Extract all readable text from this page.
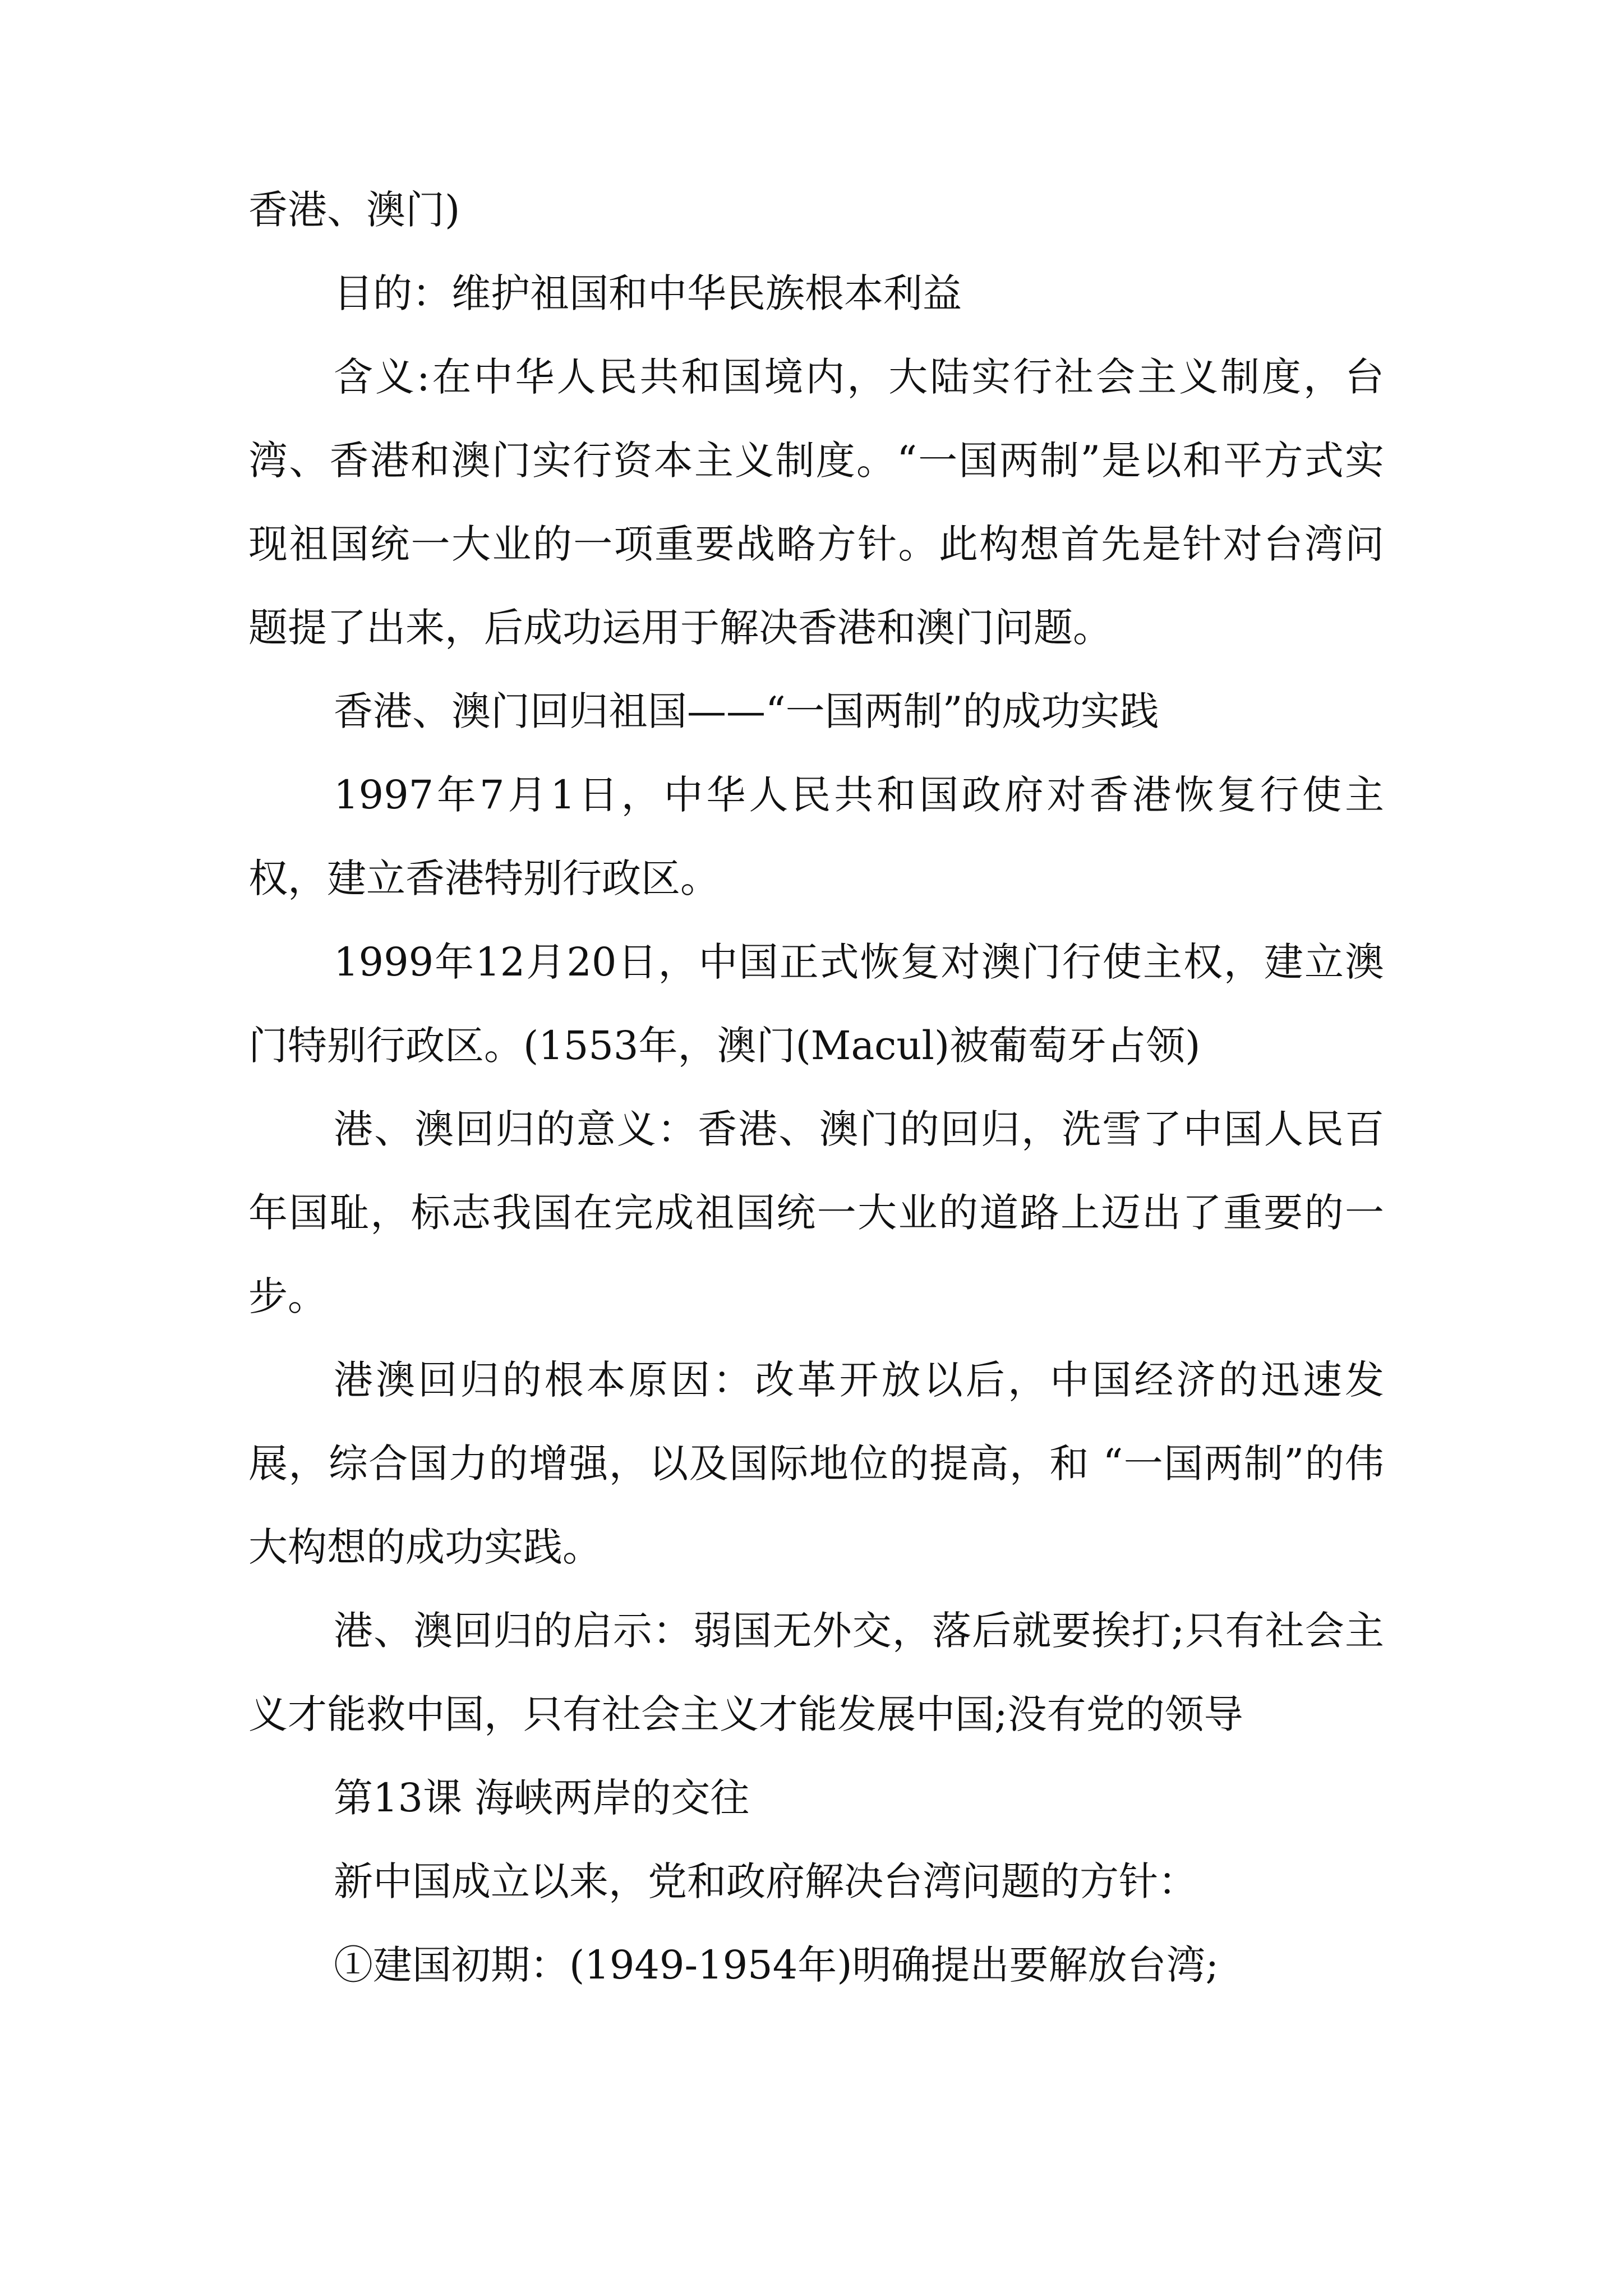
香港、澳门)

目的：维护祖国和中华民族根本利益

含义:在中华人民共和国境内，大陆实行社会主义制度，台湾、香港和澳门实行资本主义制度。“一国两制”是以和平方式实现祖国统一大业的一项重要战略方针。此构想首先是针对台湾问题提了出来，后成功运用于解决香港和澳门问题。

香港、澳门回归祖国——“一国两制”的成功实践

1997年7月1日，中华人民共和国政府对香港恢复行使主权，建立香港特别行政区。

1999年12月20日，中国正式恢复对澳门行使主权，建立澳门特别行政区。(1553年，澳门(Macul)被葡萄牙占领)

港、澳回归的意义：香港、澳门的回归，洗雪了中国人民百年国耻，标志我国在完成祖国统一大业的道路上迈出了重要的一步。

港澳回归的根本原因：改革开放以后，中国经济的迅速发展，综合国力的增强，以及国际地位的提高，和 “一国两制”的伟大构想的成功实践。

港、澳回归的启示：弱国无外交，落后就要挨打;只有社会主义才能救中国，只有社会主义才能发展中国;没有党的领导

第13课 海峡两岸的交往

新中国成立以来，党和政府解决台湾问题的方针：

①建国初期：(1949-1954年)明确提出要解放台湾;
